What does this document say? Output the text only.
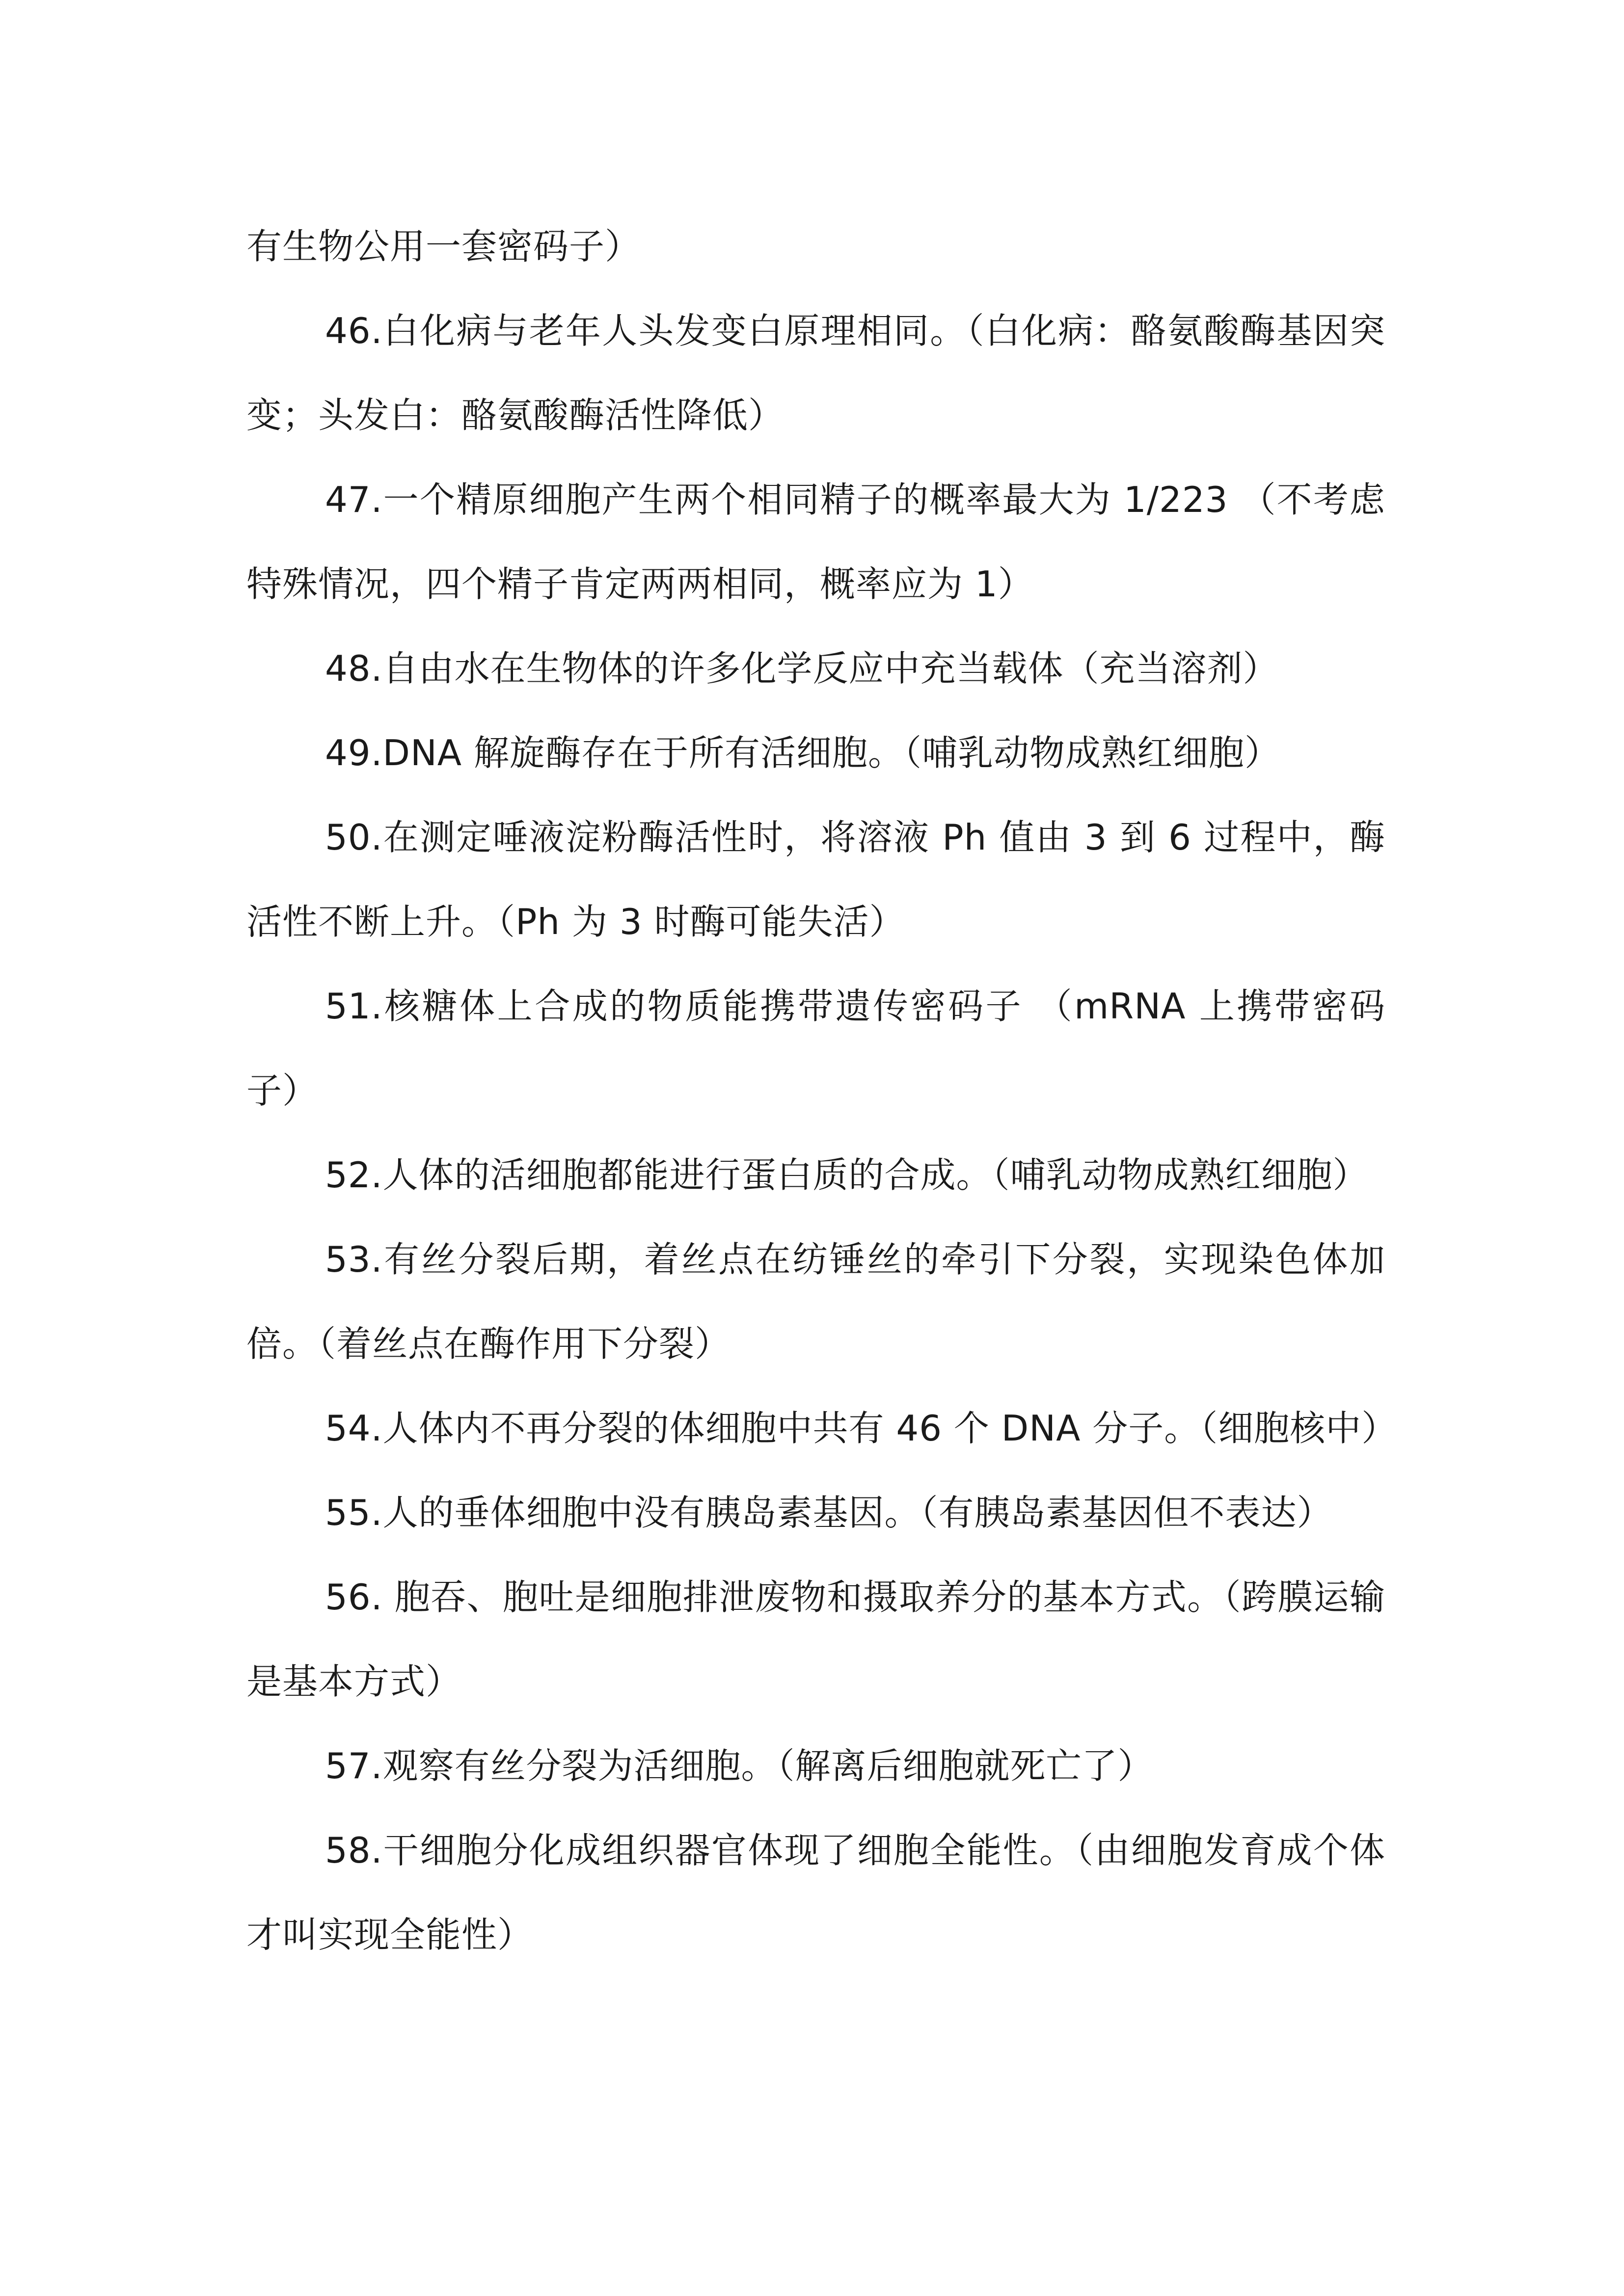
有生物公用一套密码子）

46.白化病与老年人头发变白原理相同。（白化病：酪氨酸酶基因突变；头发白：酪氨酸酶活性降低）

47.一个精原细胞产生两个相同精子的概率最大为 1/223 （不考虑特殊情况，四个精子肯定两两相同，概率应为 1）

48.自由水在生物体的许多化学反应中充当载体（充当溶剂）

49.DNA 解旋酶存在于所有活细胞。（哺乳动物成熟红细胞）

50.在测定唾液淀粉酶活性时，将溶液 Ph 值由 3 到 6 过程中，酶活性不断上升。（Ph 为 3 时酶可能失活）

51.核糖体上合成的物质能携带遗传密码子 （mRNA 上携带密码子）

52.人体的活细胞都能进行蛋白质的合成。（哺乳动物成熟红细胞）

53.有丝分裂后期，着丝点在纺锤丝的牵引下分裂，实现染色体加倍。（着丝点在酶作用下分裂）

54.人体内不再分裂的体细胞中共有 46 个 DNA 分子。（细胞核中）

55.人的垂体细胞中没有胰岛素基因。（有胰岛素基因但不表达）

56. 胞吞、胞吐是细胞排泄废物和摄取养分的基本方式。（跨膜运输是基本方式）

57.观察有丝分裂为活细胞。（解离后细胞就死亡了）

58.干细胞分化成组织器官体现了细胞全能性。（由细胞发育成个体才叫实现全能性）
